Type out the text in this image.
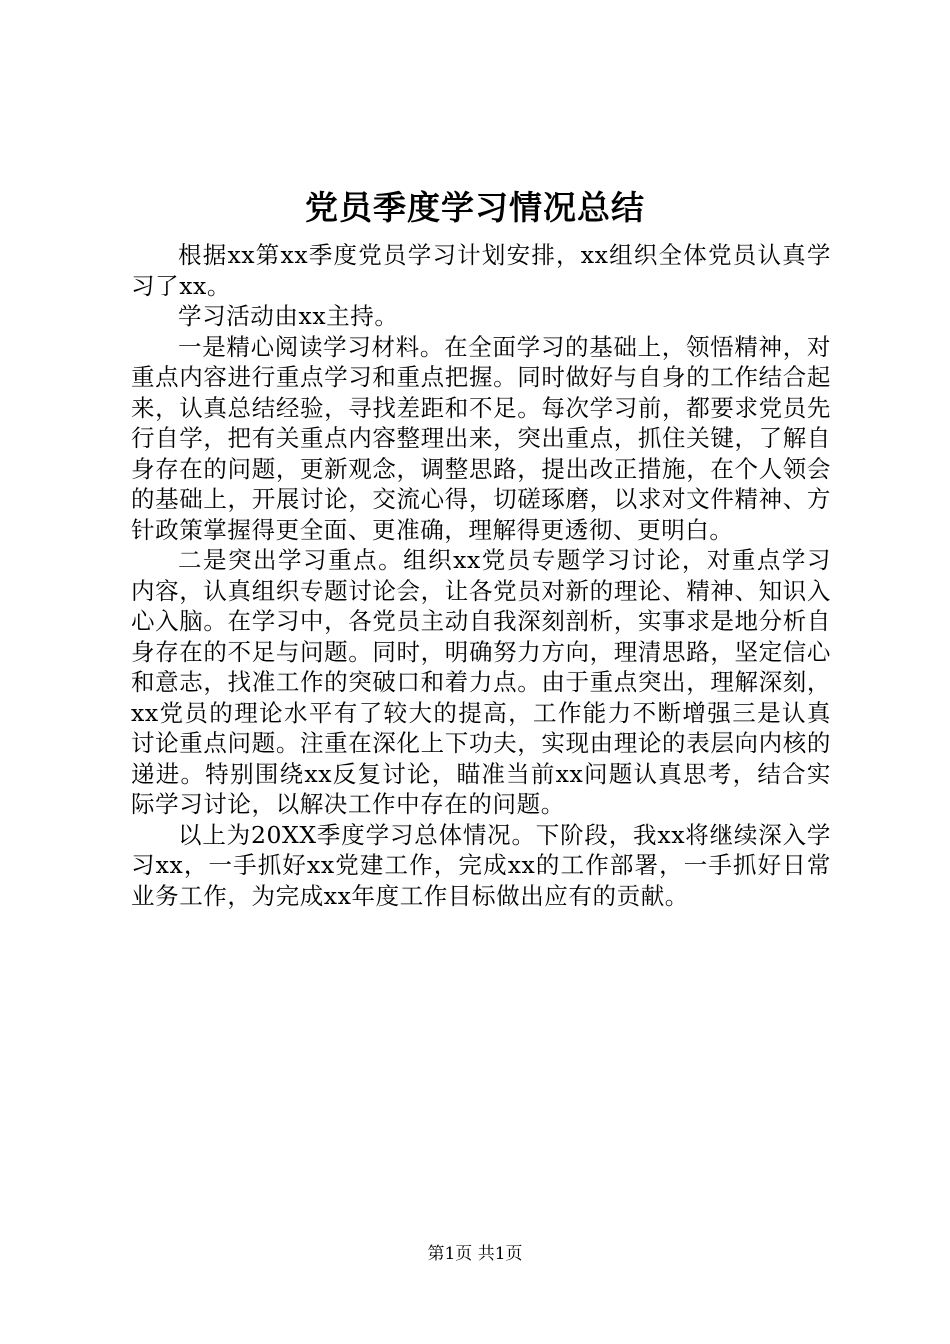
党员季度学习情况总结

根据xx第xx季度党员学习计划安排，xx组织全体党员认真学习了xx。

学习活动由xx主持。

一是精心阅读学习材料。在全面学习的基础上，领悟精神，对重点内容进行重点学习和重点把握。同时做好与自身的工作结合起来，认真总结经验，寻找差距和不足。每次学习前，都要求党员先行自学，把有关重点内容整理出来，突出重点，抓住关键，了解自身存在的问题，更新观念，调整思路，提出改正措施，在个人领会的基础上，开展讨论，交流心得，切磋琢磨，以求对文件精神、方针政策掌握得更全面、更准确，理解得更透彻、更明白。

二是突出学习重点。组织xx党员专题学习讨论，对重点学习内容，认真组织专题讨论会，让各党员对新的理论、精神、知识入心入脑。在学习中，各党员主动自我深刻剖析，实事求是地分析自身存在的不足与问题。同时，明确努力方向，理清思路，坚定信心和意志，找准工作的突破口和着力点。由于重点突出，理解深刻，xx党员的理论水平有了较大的提高，工作能力不断增强三是认真讨论重点问题。注重在深化上下功夫，实现由理论的表层向内核的递进。特别围绕xx反复讨论，瞄准当前xx问题认真思考，结合实际学习讨论，以解决工作中存在的问题。

以上为20XX季度学习总体情况。下阶段，我xx将继续深入学习xx，一手抓好xx党建工作，完成xx的工作部署，一手抓好日常业务工作，为完成xx年度工作目标做出应有的贡献。

第1页 共1页
